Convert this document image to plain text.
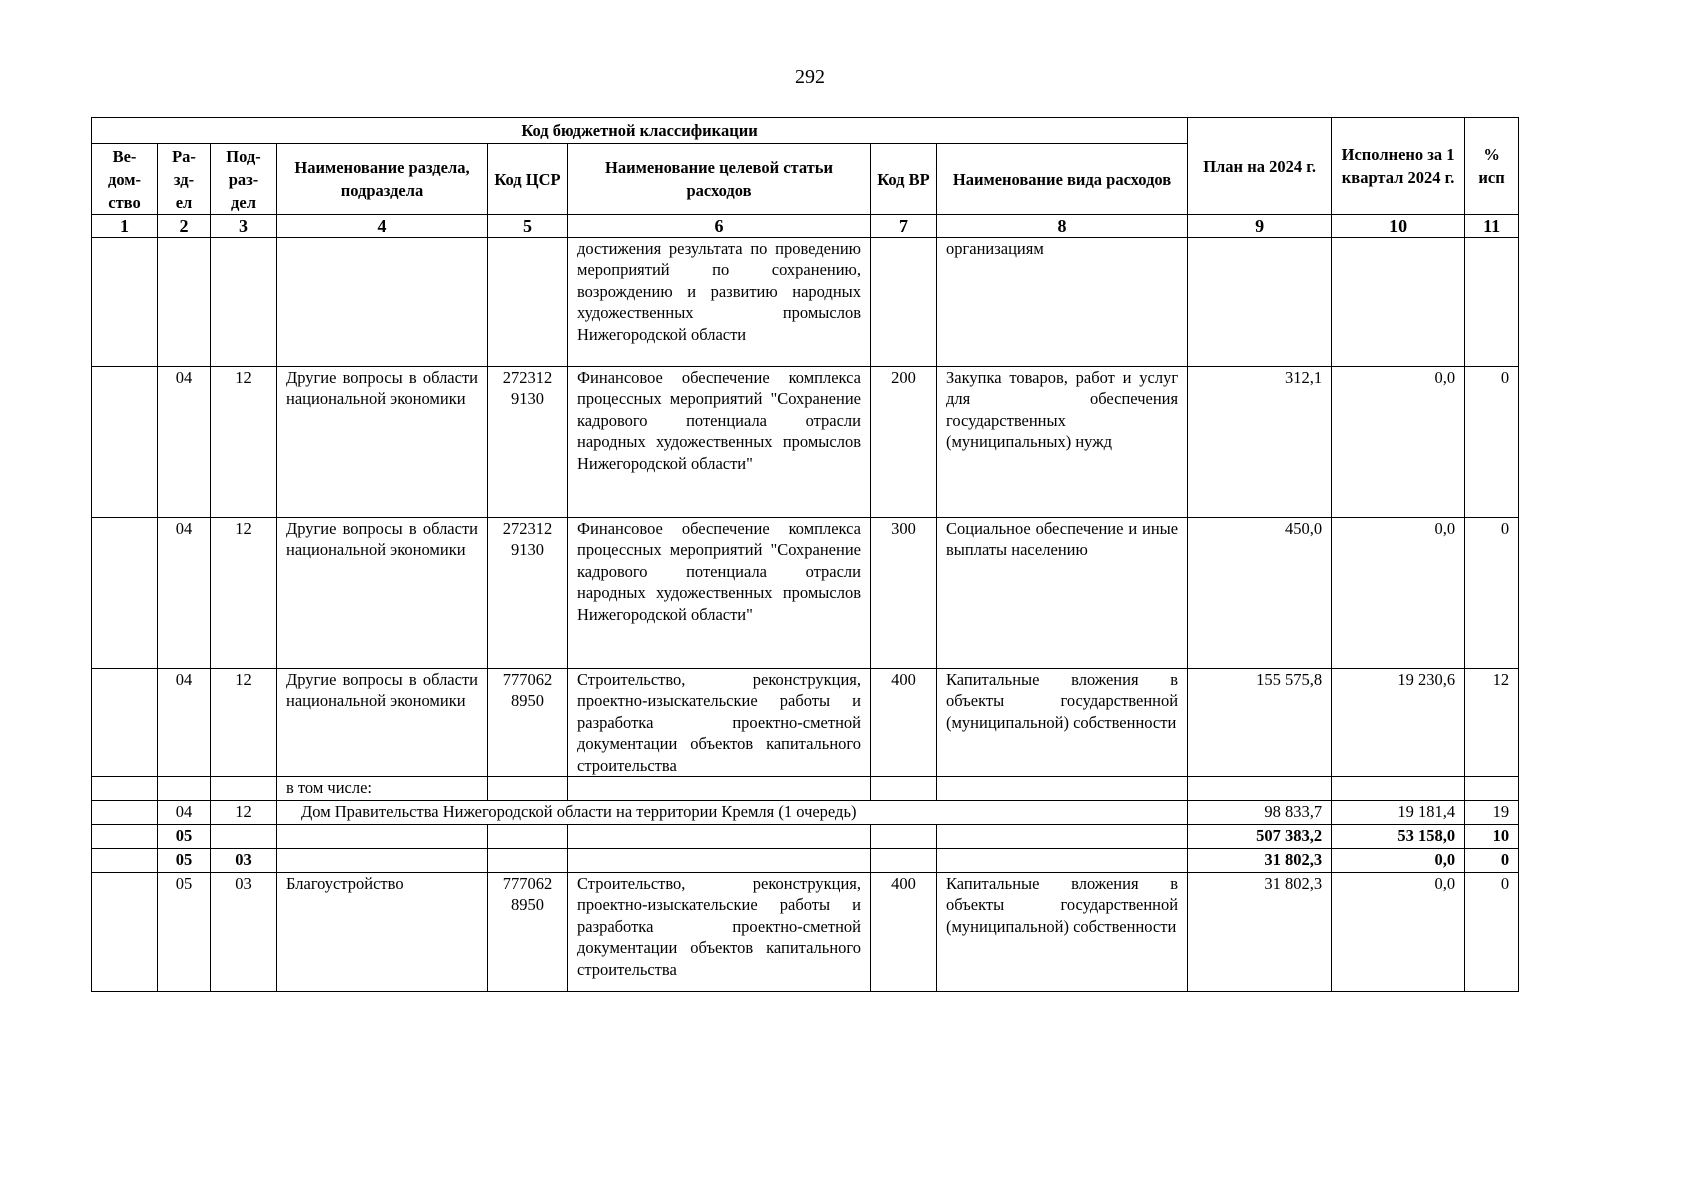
292
Код бюджетной классификации								План на 2024 г.	Исполнено за 1 квартал 2024 г.	% исп
Ве-
дом-
ство	Ра-
зд-
ел	Под-
раз-
дел	Наименование раздела, подраздела	Код ЦСР	Наименование целевой статьи расходов	Код ВР	Наименование вида расходов			
1	2	3	4	5	6	7	8	9	10	11
					достижения результата по проведению мероприятий по сохранению, возрождению и развитию народных художественных промыслов Нижегородской области		организациям			
	04	12	Другие вопросы в области национальной экономики	272312 9130	Финансовое обеспечение комплекса процессных мероприятий "Сохранение кадрового потенциала отрасли народных художественных промыслов Нижегородской области"	200	Закупка товаров, работ и услуг для обеспечения государственных (муниципальных) нужд	312,1	0,0	0
	04	12	Другие вопросы в области национальной экономики	272312 9130	Финансовое обеспечение комплекса процессных мероприятий "Сохранение кадрового потенциала отрасли народных художественных промыслов Нижегородской области"	300	Социальное обеспечение и иные выплаты населению	450,0	0,0	0
	04	12	Другие вопросы в области национальной экономики	777062 8950	Строительство, реконструкция, проектно-изыскательские работы и разработка проектно-сметной документации объектов капитального строительства	400	Капитальные вложения в объекты государственной (муниципальной) собственности	155 575,8	19 230,6	12
			в том числе:							
	04	12	Дом Правительства Нижегородской области на территории Кремля (1 очередь)					98 833,7	19 181,4	19
	05							507 383,2	53 158,0	10
	05	03						31 802,3	0,0	0
	05	03	Благоустройство	777062 8950	Строительство, реконструкция, проектно-изыскательские работы и разработка проектно-сметной документации объектов капитального строительства	400	Капитальные вложения в объекты государственной (муниципальной) собственности	31 802,3	0,0	0
